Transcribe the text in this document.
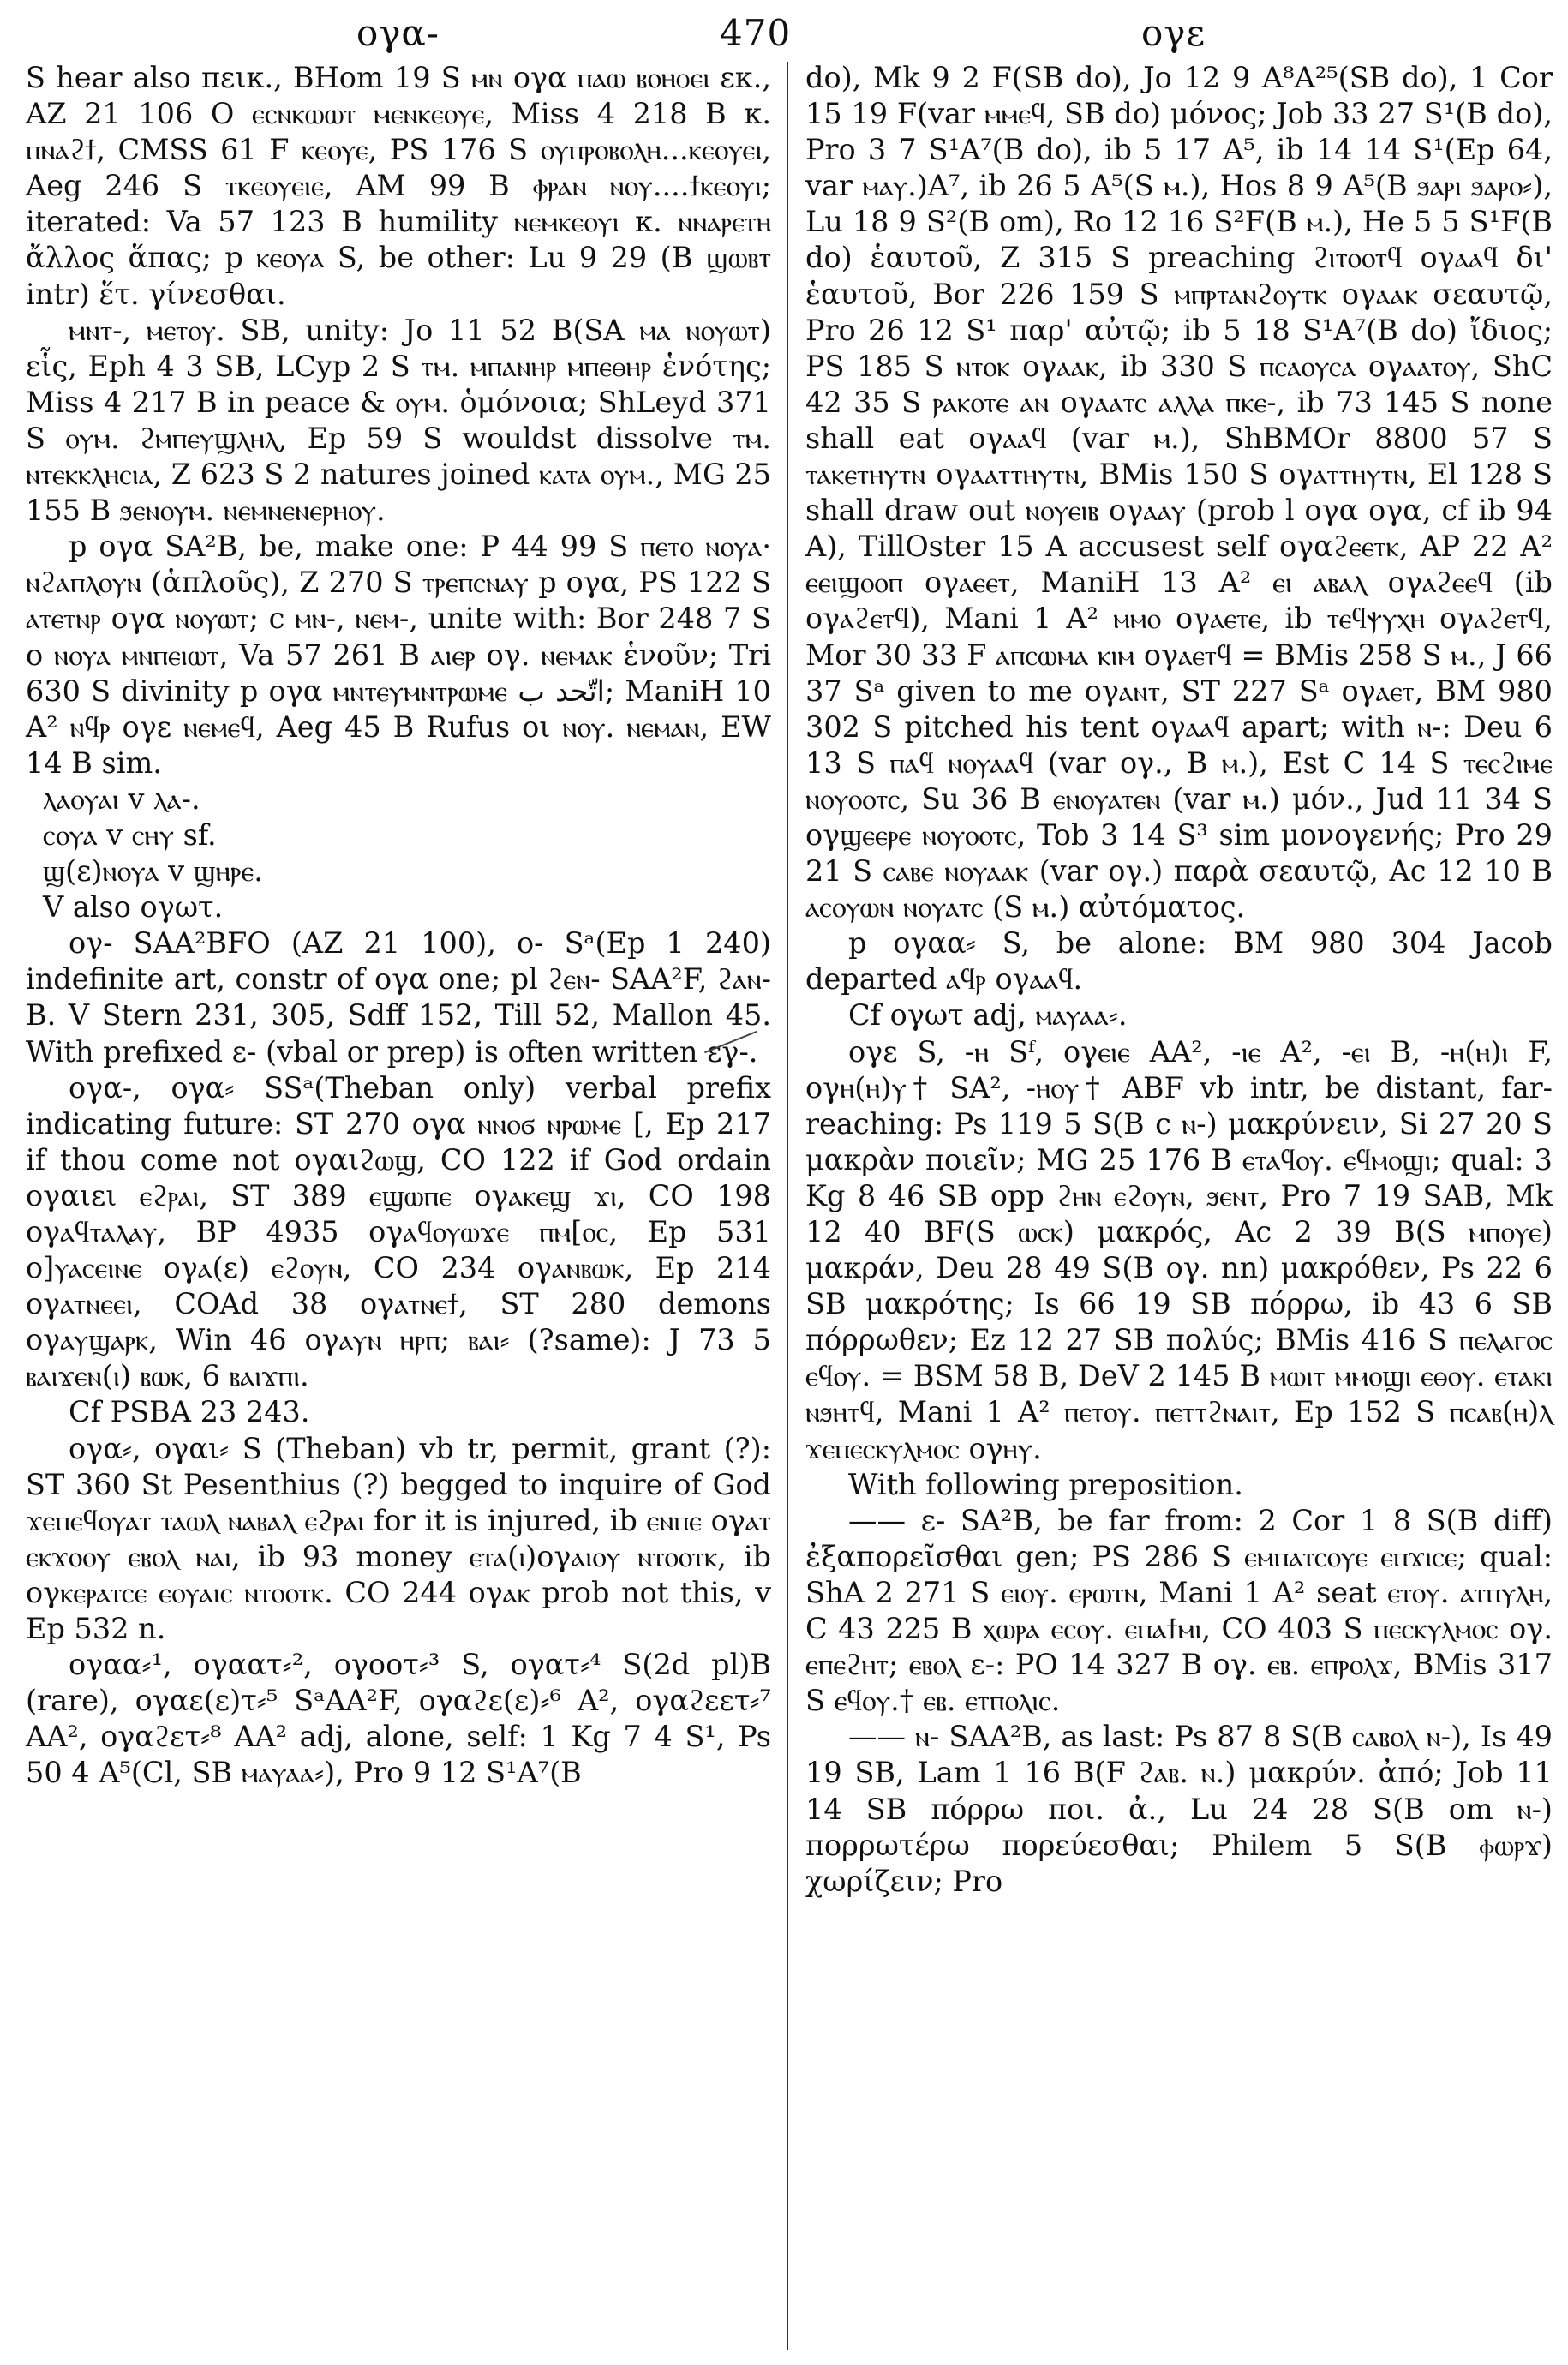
ογα-	470	ογε

S hear also πεικ., BHom 19 S ⲙⲛ ογα ⲡⲁⲱ ⲃⲟⲏⲑⲉⲓ εκ., AZ 21 106 O ⲉⲥⲛⲕⲱⲱⲧ ⲙⲉⲛⲕⲉⲟⲩⲉ, Miss 4 218 B κ. ⲡⲛⲁϩϯ, CMSS 61 F ⲕⲉⲟⲩⲉ, PS 176 S ⲟⲩⲡⲣⲟⲃⲟⲗⲏ...ⲕⲉⲟⲩⲉⲓ, Aeg 246 S ⲧⲕⲉⲟⲩⲉⲓⲉ, AM 99 B ⲫⲣⲁⲛ ⲛⲟⲩ....ϯⲕⲉⲟⲩⲓ; iterated: Va 57 123 B humility ⲛⲉⲙⲕⲉⲟⲩⲓ κ. ⲛⲛⲁⲣⲉⲧⲏ ἄλλος ἅπας; p ⲕⲉⲟⲩⲁ S, be other: Lu 9 29 (B ϣⲱⲃⲧ intr) ἕτ. γίνεσθαι.

ⲙⲛⲧ-, ⲙⲉⲧⲟⲩ. SB, unity: Jo 11 52 B(SA ⲙⲁ ⲛⲟⲩⲱⲧ) εἷς, Eph 4 3 SB, LCyp 2 S ⲧⲙ. ⲙⲡⲁⲛⲏⲣ ⲙⲡⲉⲑⲏⲣ ἑνότης; Miss 4 217 B in peace & ⲟⲩⲙ. ὁμόνοια; ShLeyd 371 S ⲟⲩⲙ. ϩⲙⲡⲉⲩϣⲗⲏⲗ, Ep 59 S wouldst dissolve ⲧⲙ. ⲛⲧⲉⲕⲕⲗⲏⲥⲓⲁ, Z 623 S 2 natures joined ⲕⲁⲧⲁ ⲟⲩⲙ., MG 25 155 B ϧⲉⲛⲟⲩⲙ. ⲛⲉⲙⲛⲉⲛⲉⲣⲏⲟⲩ.

p ογα SA²B, be, make one: P 44 99 S ⲡⲉⲧⲟ ⲛⲟⲩⲁ· ⲛϩⲁⲡⲗⲟⲩⲛ (ἁπλοῦς), Z 270 S ⲧⲣⲉⲡⲥⲛⲁⲩ p ογα, PS 122 S ⲁⲧⲉⲧⲛⲣ ογα ⲛⲟⲩⲱⲧ; c ⲙⲛ-, ⲛⲉⲙ-, unite with: Bor 248 7 S o ⲛⲟⲩⲁ ⲙⲛⲡⲉⲓⲱⲧ, Va 57 261 B ⲁⲓⲉⲣ ογ. ⲛⲉⲙⲁⲕ ἑνοῦν; Tri 630 S divinity p ογα ⲙⲛⲧⲉⲩⲙⲛⲧⲣⲱⲙⲉ اتّحد ب; ManiH 10 A² ⲛϥⲣ ογε ⲛⲉⲙⲉϥ, Aeg 45 B Rufus οι ⲛⲟⲩ. ⲛⲉⲙⲁⲛ, EW 14 B sim.

ⲗⲁⲟⲩⲁⲓ v ⲗⲁ-.

ⲥⲟⲩⲁ v ⲥⲏⲩ sf.

ϣ(ε)ⲛⲟⲩⲁ v ϣⲏⲣⲉ.

V also ογωτ.

ογ- SAA²BFO (AZ 21 100), o- Sᵃ(Ep 1 240) indefinite art, constr of ογα one; pl ϩⲉⲛ- SAA²F, ϩⲁⲛ- B. V Stern 231, 305, Sdff 152, Till 52, Mallon 45. With prefixed ε- (vbal or prep) is often written εγ-.

ογα-, ογα⸗ SSᵃ(Theban only) verbal prefix indicating future: ST 270 ογα ⲛⲛⲟϭ ⲛⲣⲱⲙⲉ [, Ep 217 if thou come not ογαιϩⲱϣ, CO 122 if God ordain ογαιει ⲉϩⲣⲁⲓ, ST 389 ⲉϣⲱⲡⲉ ογⲁⲕⲉϣ ϫⲓ, CO 198 ογⲁϥⲧⲁⲗⲁⲩ, BP 4935 ογⲁϥⲟⲩⲱϫⲉ ⲡⲙ[ⲟⲥ, Ep 531 ο]ⲩⲁⲥⲉⲓⲛⲉ ογⲁ(ε) ⲉϩⲟⲩⲛ, CO 234 ογⲁⲛⲃⲱⲕ, Ep 214 ογⲁⲧⲛⲉⲉⲓ, COAd 38 ογⲁⲧⲛⲉϯ, ST 280 demons ογⲁⲩϣⲁⲣⲕ, Win 46 ογⲁⲩⲛ ⲏⲣⲡ; ⲃⲁⲓ⸗ (?same): J 73 5 ⲃⲁⲓϫⲉⲛ(ⲓ) ⲃⲱⲕ, 6 ⲃⲁⲓϫⲡⲓ.

Cf PSBA 23 243.

ογα⸗, ογαι⸗ S (Theban) vb tr, permit, grant (?): ST 360 St Pesenthius (?) begged to inquire of God ϫⲉⲡⲉϥⲟⲩⲁⲧ ⲧⲁⲱⲗ ⲛⲁⲃⲁⲗ ⲉϩⲣⲁⲓ for it is injured, ib ⲉⲛⲡⲉ ογⲁⲧ ⲉⲕϫⲟⲟⲩ ⲉⲃⲟⲗ ⲛⲁⲓ, ib 93 money ⲉⲧⲁ(ⲓ)ογⲁⲓⲟⲩ ⲛⲧⲟⲟⲧⲕ, ib ογⲕⲉⲣⲁⲧⲥⲉ ⲉⲟⲩⲁⲓⲥ ⲛⲧⲟⲟⲧⲕ. CO 244 ογⲁⲕ prob not this, v Ep 532 n.

ογαα⸗¹, ογαατ⸗², ογοοτ⸗³ S, ογατ⸗⁴ S(2d pl)B (rare), ογαε(ε)τ⸗⁵ SᵃAA²F, ογαϩε(ε)⸗⁶ A², ογαϩεετ⸗⁷ AA², ογαϩετ⸗⁸ AA² adj, alone, self: 1 Kg 7 4 S¹, Ps 50 4 A⁵(Cl, SB ⲙⲁⲩⲁⲁ⸗), Pro 9 12 S¹A⁷(B

do), Mk 9 2 F(SB do), Jo 12 9 A⁸A²⁵(SB do), 1 Cor 15 19 F(var ⲙⲙⲉϥ, SB do) μόνος; Job 33 27 S¹(B do), Pro 3 7 S¹A⁷(B do), ib 5 17 A⁵, ib 14 14 S¹(Ep 64, var ⲙⲁⲩ.)A⁷, ib 26 5 A⁵(S ⲙ.), Hos 8 9 A⁵(B ϧⲁⲣⲓ ϧⲁⲣⲟ⸗), Lu 18 9 S²(B om), Ro 12 16 S²F(B ⲙ.), He 5 5 S¹F(B do) ἑαυτοῦ, Z 315 S preaching ϩⲓⲧⲟⲟⲧϥ ογⲁⲁϥ δι' ἑαυτοῦ, Bor 226 159 S ⲙⲡⲣⲧⲁⲛϩⲟⲩⲧⲕ ογⲁⲁⲕ σεαυτῷ, Pro 26 12 S¹ παρ' αὐτῷ; ib 5 18 S¹A⁷(B do) ἴδιος; PS 185 S ⲛⲧⲟⲕ ογⲁⲁⲕ, ib 330 S ⲡⲥⲁⲟⲩⲥⲁ ογⲁⲁⲧⲟⲩ, ShC 42 35 S ⲣⲁⲕⲟⲧⲉ ⲁⲛ ογⲁⲁⲧⲥ ⲁⲗⲗⲁ ⲡⲕⲉ-, ib 73 145 S none shall eat ογⲁⲁϥ (var ⲙ.), ShBMOr 8800 57 S ⲧⲁⲕⲉⲧⲏⲩⲧⲛ ογⲁⲁⲧⲧⲏⲩⲧⲛ, BMis 150 S ογⲁⲧⲧⲏⲩⲧⲛ, El 128 S shall draw out ⲛⲟⲩⲉⲓⲃ ογⲁⲁⲩ (prob l ογα ογα, cf ib 94 A), TillOster 15 A accusest self ογαϩⲉⲉⲧⲕ, AP 22 A² ⲉⲉⲓϣⲟⲟⲡ ογⲁⲉⲉⲧ, ManiH 13 A² ⲉⲓ ⲁⲃⲁⲗ ογⲁϩⲉⲉϥ (ib ογⲁϩⲉⲧϥ), Mani 1 A² ⲙⲙⲟ ογⲁⲉⲧⲉ, ib ⲧⲉϥⲯⲩⲭⲏ ογⲁϩⲉⲧϥ, Mor 30 33 F ⲁⲡⲥⲱⲙⲁ ⲕⲓⲙ ογⲁⲉⲧϥ = BMis 258 S ⲙ., J 66 37 Sᵃ given to me ογⲁⲛⲧ, ST 227 Sᵃ ογⲁⲉⲧ, BM 980 302 S pitched his tent ογⲁⲁϥ apart; with ⲛ-: Deu 6 13 S ⲡⲁϥ ⲛⲟⲩⲁⲁϥ (var ογ., B ⲙ.), Est C 14 S ⲧⲉⲥϩⲓⲙⲉ ⲛⲟⲩⲟⲟⲧⲥ, Su 36 B ⲉⲛⲟⲩⲁⲧⲉⲛ (var ⲙ.) μόν., Jud 11 34 S ογϣⲉⲉⲣⲉ ⲛⲟⲩⲟⲟⲧⲥ, Tob 3 14 S³ sim μονογενής; Pro 29 21 S ⲥⲁⲃⲉ ⲛⲟⲩⲁⲁⲕ (var ογ.) παρὰ σεαυτῷ, Ac 12 10 B ⲁⲥⲟⲩⲱⲛ ⲛⲟⲩⲁⲧⲥ (S ⲙ.) αὐτόματος.

p ογαα⸗ S, be alone: BM 980 304 Jacob departed ⲁϥⲣ ογⲁⲁϥ.

Cf ογωτ adj, ⲙⲁⲩⲁⲁ⸗.

ογε S, -ⲏ Sᶠ, ογⲉⲓⲉ AA², -ⲓⲉ A², -ⲉⲓ B, -ⲏ(ⲏ)ⲓ F, ογⲏ(ⲏ)ⲩ† SA², -ⲏⲟⲩ† ABF vb intr, be distant, far-reaching: Ps 119 5 S(B c ⲛ-) μακρύνειν, Si 27 20 S μακρὰν ποιεῖν; MG 25 176 B ⲉⲧⲁϥⲟⲩ. ⲉϥⲙⲟϣⲓ; qual: 3 Kg 8 46 SB opp ϩⲏⲛ ⲉϩⲟⲩⲛ, ϧⲉⲛⲧ, Pro 7 19 SAB, Mk 12 40 BF(S ⲱⲥⲕ) μακρός, Ac 2 39 B(S ⲙⲡⲟⲩⲉ) μακράν, Deu 28 49 S(B ογ. nn) μακρόθεν, Ps 22 6 SB μακρότης; Is 66 19 SB πόρρω, ib 43 6 SB πόρρωθεν; Ez 12 27 SB πολύς; BMis 416 S ⲡⲉⲗⲁⲅⲟⲥ ⲉϥⲟⲩ. = BSM 58 B, DeV 2 145 B ⲙⲱⲓⲧ ⲙⲙⲟϣⲓ ⲉⲑⲟⲩ. ⲉⲧⲁⲕⲓ ⲛϧⲏⲧϥ, Mani 1 A² ⲡⲉⲧⲟⲩ. ⲡⲉⲧⲧϩⲛⲁⲓⲧ, Ep 152 S ⲡⲥⲁⲃ(ⲏ)ⲗ ϫⲉⲡⲉⲥⲕⲩⲗⲙⲟⲥ ογⲏⲩ.

With following preposition.

—— ε- SA²B, be far from: 2 Cor 1 8 S(B diff) ἐξαπορεῖσθαι gen; PS 286 S ⲉⲙⲡⲁⲧⲥⲟⲩⲉ ⲉⲡϫⲓⲥⲉ; qual: ShA 2 271 S ⲉⲓⲟⲩ. ⲉⲣⲱⲧⲛ, Mani 1 A² seat ⲉⲧⲟⲩ. ⲁⲧⲡⲩⲗⲏ, C 43 225 B ⲭⲱⲣⲁ ⲉⲥⲟⲩ. ⲉⲡⲁϯⲙⲓ, CO 403 S ⲡⲉⲥⲕⲩⲗⲙⲟⲥ ογ. ⲉⲡⲉϩⲏⲧ; ⲉⲃⲟⲗ ε-: PO 14 327 B ογ. ⲉⲃ. ⲉⲡⲣⲟⲗϫ, BMis 317 S ⲉϥⲟⲩ.† ⲉⲃ. ⲉⲧⲡⲟⲗⲓⲥ.

—— ⲛ- SAA²B, as last: Ps 87 8 S(B ⲥⲁⲃⲟⲗ ⲛ-), Is 49 19 SB, Lam 1 16 B(F ϩⲁⲃ. ⲛ.) μακρύν. ἀπό; Job 11 14 SB πόρρω ποι. ἀ., Lu 24 28 S(B om ⲛ-) πορρωτέρω πορεύεσθαι; Philem 5 S(B ⲫⲱⲣϫ) χωρίζειν; Pro
